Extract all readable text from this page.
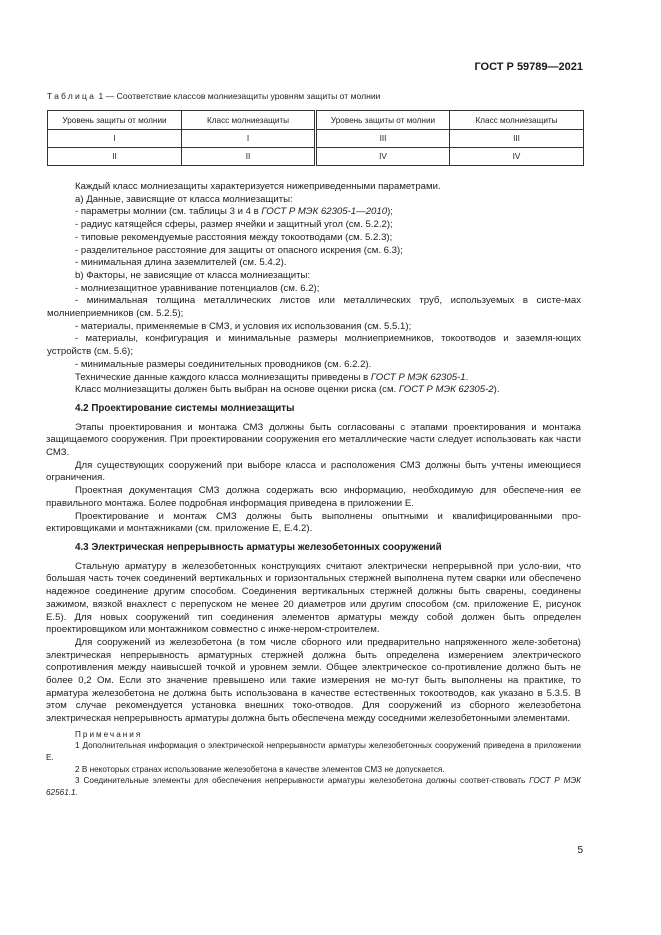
ГОСТ Р 59789—2021
Таблица 1 — Соответствие классов молниезащиты уровням защиты от молнии
Уровень защиты от молнии	Класс молниезащиты	Уровень защиты от молнии	Класс молниезащиты
I	I	III	III
II	II	IV	IV

Каждый класс молниезащиты характеризуется нижеприведенными параметрами.

а) Данные, зависящие от класса молниезащиты:

- параметры молнии (см. таблицы 3 и 4 в ГОСТ Р МЭК 62305-1—2010);

- радиус катящейся сферы, размер ячейки и защитный угол (см. 5.2.2);

- типовые рекомендуемые расстояния между токоотводами (см. 5.2.3);

- разделительное расстояние для защиты от опасного искрения (см. 6.3);

- минимальная длина заземлителей (см. 5.4.2).

b) Факторы, не зависящие от класса молниезащиты:

- молниезащитное уравнивание потенциалов (см. 6.2);

- минимальная толщина металлических листов или металлических труб, используемых в систе-мах молниеприемников (см. 5.2.5);

- материалы, применяемые в СМЗ, и условия их использования (см. 5.5.1);

- материалы, конфигурация и минимальные размеры молниеприемников, токоотводов и заземля-ющих устройств (см. 5.6);

- минимальные размеры соединительных проводников (см. 6.2.2).

Технические данные каждого класса молниезащиты приведены в ГОСТ Р МЭК 62305-1.

Класс молниезащиты должен быть выбран на основе оценки риска (см. ГОСТ Р МЭК 62305-2).

4.2 Проектирование системы молниезащиты

Этапы проектирования и монтажа СМЗ должны быть согласованы с этапами проектирования и монтажа защищаемого сооружения. При проектировании сооружения его металлические части следует использовать как части СМЗ.

Для существующих сооружений при выборе класса и расположения СМЗ должны быть учтены имеющиеся ограничения.

Проектная документация СМЗ должна содержать всю информацию, необходимую для обеспече-ния ее правильного монтажа. Более подробная информация приведена в приложении Е.

Проектирование и монтаж СМЗ должны быть выполнены опытными и квалифицированными про-ектировщиками и монтажниками (см. приложение Е, Е.4.2).

4.3 Электрическая непрерывность арматуры железобетонных сооружений

Стальную арматуру в железобетонных конструкциях считают электрически непрерывной при усло-вии, что большая часть точек соединений вертикальных и горизонтальных стержней выполнена путем сварки или обеспечено надежное соединение другим способом. Соединения вертикальных стержней должны быть сварены, соединены зажимом, вязкой внахлест с перепуском не менее 20 диаметров или другим способом (см. приложение Е, рисунок Е.5). Для новых сооружений тип соединения элементов арматуры между собой должен быть определен проектировщиком или монтажником совместно с инже-нером-строителем.

Для сооружений из железобетона (в том числе сборного или предварительно напряженного желе-зобетона) электрическая непрерывность арматурных стержней должна быть определена измерением электрического сопротивления между наивысшей точкой и уровнем земли. Общее электрическое со-противление должно быть не более 0,2 Ом. Если это значение превышено или такие измерения не мо-гут быть выполнены на практике, то арматура железобетона не должна быть использована в качестве естественных токоотводов, как указано в 5.3.5. В этом случае рекомендуется установка внешних токо-отводов. Для сооружений из сборного железобетона электрическая непрерывность арматуры должна быть обеспечена между соседними железобетонными элементами.

Примечания

1 Дополнительная информация о электрической непрерывности арматуры железобетонных сооружений приведена в приложении Е.

2 В некоторых странах использование железобетона в качестве элементов СМЗ не допускается.

3 Соединительные элементы для обеспечения непрерывности арматуры железобетона должны соответ-ствовать ГОСТ Р МЭК 62561.1.

5
